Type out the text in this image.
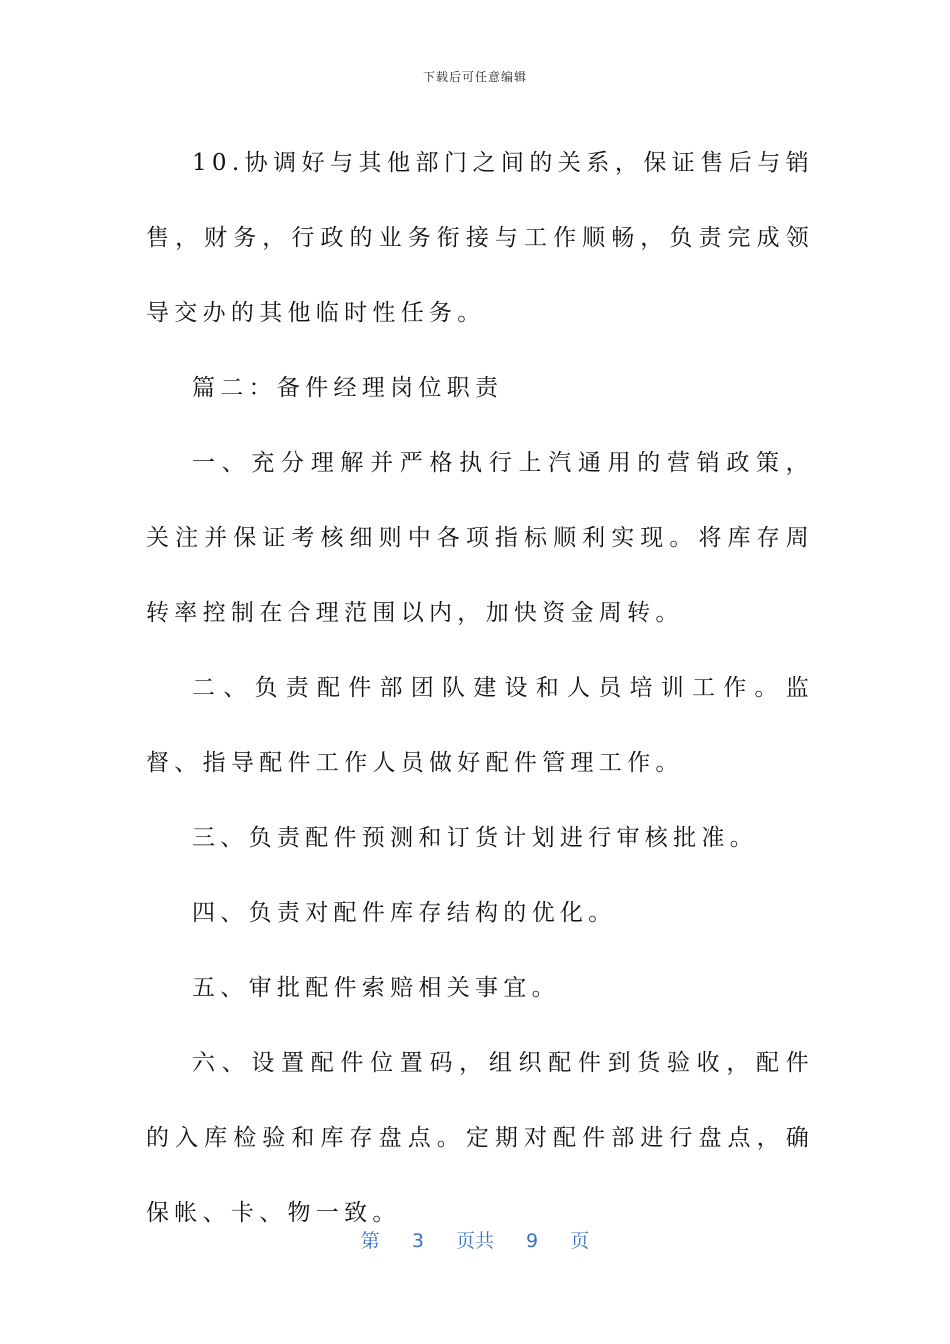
下载后可任意编辑

10.协调好与其他部门之间的关系，保证售后与销售，财务，行政的业务衔接与工作顺畅，负责完成领导交办的其他临时性任务。

篇二：备件经理岗位职责

一、充分理解并严格执行上汽通用的营销政策，关注并保证考核细则中各项指标顺利实现。将库存周转率控制在合理范围以内，加快资金周转。

二、负责配件部团队建设和人员培训工作。监督、指导配件工作人员做好配件管理工作。

三、负责配件预测和订货计划进行审核批准。

四、负责对配件库存结构的优化。

五、审批配件索赔相关事宜。

六、设置配件位置码，组织配件到货验收，配件的入库检验和库存盘点。定期对配件部进行盘点，确保帐、卡、物一致。

第 3 页共 9 页
